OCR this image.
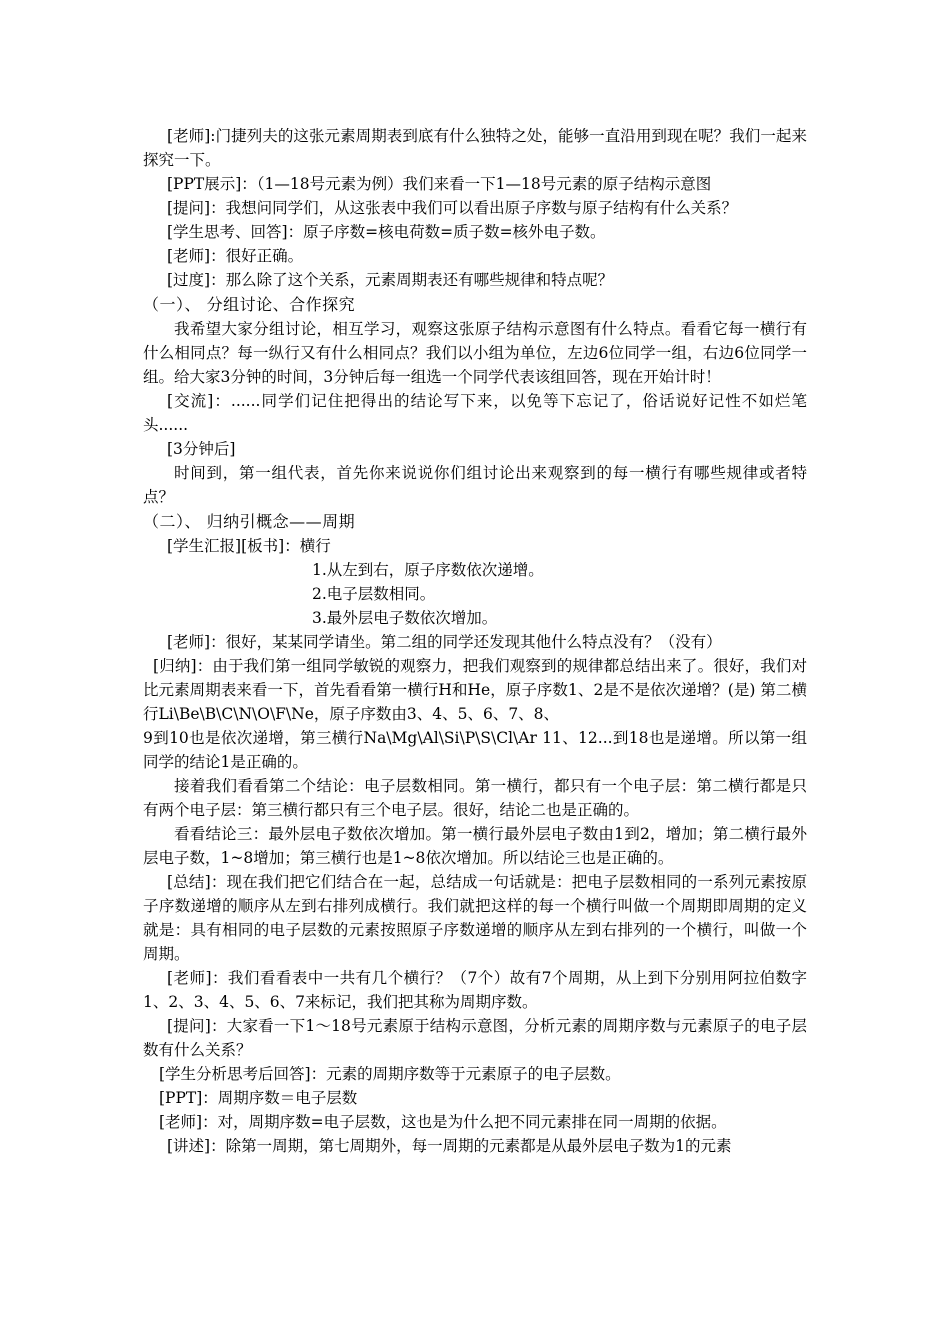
[老师]:门捷列夫的这张元素周期表到底有什么独特之处，能够一直沿用到现在呢？我们一起来探究一下。

[PPT展示]：（1—18号元素为例）我们来看一下1—18号元素的原子结构示意图

[提问]：我想问同学们，从这张表中我们可以看出原子序数与原子结构有什么关系？

[学生思考、回答]：原子序数=核电荷数=质子数=核外电子数。

[老师]：很好正确。

[过度]：那么除了这个关系，元素周期表还有哪些规律和特点呢？

（一）、 分组讨论、合作探究

我希望大家分组讨论，相互学习，观察这张原子结构示意图有什么特点。看看它每一横行有什么相同点？每一纵行又有什么相同点？我们以小组为单位，左边6位同学一组，右边6位同学一组。给大家3分钟的时间，3分钟后每一组选一个同学代表该组回答，现在开始计时！

[交流]：......同学们记住把得出的结论写下来，以免等下忘记了，俗话说好记性不如烂笔头......

[3分钟后]

时间到，第一组代表，首先你来说说你们组讨论出来观察到的每一横行有哪些规律或者特点？

（二）、 归纳引概念——周期

[学生汇报][板书]：横行

1.从左到右，原子序数依次递增。
2.电子层数相同。
3.最外层电子数依次增加。

[老师]：很好，某某同学请坐。第二组的同学还发现其他什么特点没有？（没有）

[归纳]：由于我们第一组同学敏锐的观察力，把我们观察到的规律都总结出来了。很好，我们对比元素周期表来看一下，首先看看第一横行H和He，原子序数1、2是不是依次递增？(是) 第二横行Li\Be\B\C\N\O\F\Ne，原子序数由3、4、5、6、7、8、

9到10也是依次递增，第三横行Na\Mg\Al\Si\P\S\Cl\Ar 11、12...到18也是递增。所以第一组同学的结论1是正确的。

接着我们看看第二个结论：电子层数相同。第一横行，都只有一个电子层：第二横行都是只有两个电子层：第三横行都只有三个电子层。很好，结论二也是正确的。

看看结论三：最外层电子数依次增加。第一横行最外层电子数由1到2，增加；第二横行最外层电子数，1~8增加；第三横行也是1~8依次增加。所以结论三也是正确的。

[总结]：现在我们把它们结合在一起，总结成一句话就是：把电子层数相同的一系列元素按原子序数递增的顺序从左到右排列成横行。我们就把这样的每一个横行叫做一个周期即周期的定义就是：具有相同的电子层数的元素按照原子序数递增的顺序从左到右排列的一个横行，叫做一个周期。

[老师]：我们看看表中一共有几个横行？（7个）故有7个周期，从上到下分别用阿拉伯数字1、2、3、4、5、6、7来标记，我们把其称为周期序数。

[提问]：大家看一下1～18号元素原于结构示意图，分析元素的周期序数与元素原子的电子层数有什么关系？

[学生分析思考后回答]：元素的周期序数等于元素原子的电子层数。

[PPT]：周期序数＝电子层数

[老师]：对，周期序数=电子层数，这也是为什么把不同元素排在同一周期的依据。

[讲述]：除第一周期，第七周期外，每一周期的元素都是从最外层电子数为1的元素
